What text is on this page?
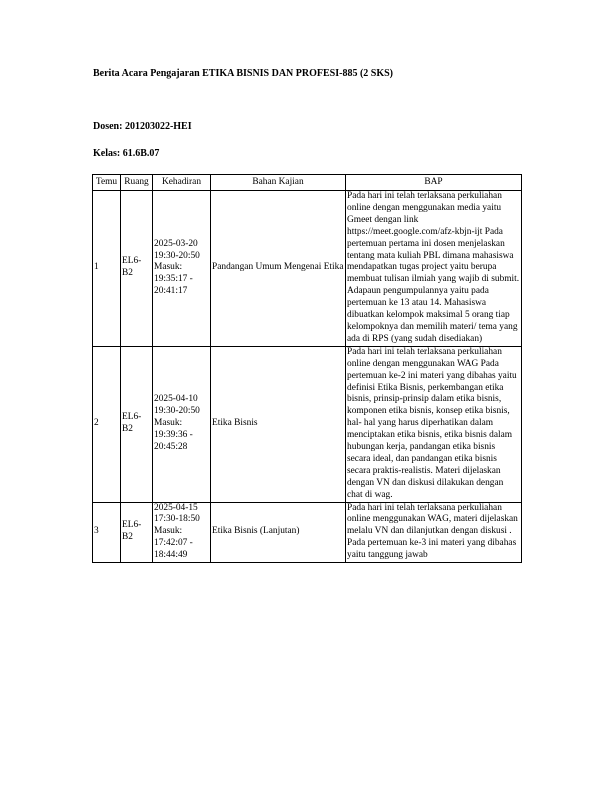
Berita Acara Pengajaran ETIKA BISNIS DAN PROFESI-885 (2 SKS)
Dosen: 201203022-HEI
Kelas: 61.6B.07
Temu	Ruang	Kehadiran	Bahan Kajian	BAP
1	EL6-B2	2025-03-20 19:30-20:50 Masuk: 19:35:17 - 20:41:17	Pandangan Umum Mengenai Etika	Pada hari ini telah terlaksana perkuliahan online dengan menggunakan media yaitu Gmeet dengan link https://meet.google.com/afz-kbjn-ijt Pada pertemuan pertama ini dosen menjelaskan tentang mata kuliah PBL dimana mahasiswa mendapatkan tugas project yaitu berupa membuat tulisan ilmiah yang wajib di submit. Adapaun pengumpulannya yaitu pada pertemuan ke 13 atau 14. Mahasiswa dibuatkan kelompok maksimal 5 orang tiap kelompoknya dan memilih materi/ tema yang ada di RPS (yang sudah disediakan)
2	EL6-B2	2025-04-10 19:30-20:50 Masuk: 19:39:36 - 20:45:28	Etika Bisnis	Pada hari ini telah terlaksana perkuliahan online dengan menggunakan WAG Pada pertemuan ke-2 ini materi yang dibahas yaitu definisi Etika Bisnis, perkembangan etika bisnis, prinsip-prinsip dalam etika bisnis, komponen etika bisnis, konsep etika bisnis, hal- hal yang harus diperhatikan dalam menciptakan etika bisnis, etika bisnis dalam hubungan kerja, pandangan etika bisnis secara ideal, dan pandangan etika bisnis secara praktis-realistis. Materi dijelaskan dengan VN dan diskusi dilakukan dengan chat di wag.
3	EL6-B2	2025-04-15 17:30-18:50 Masuk: 17:42:07 - 18:44:49	Etika Bisnis (Lanjutan)	Pada hari ini telah terlaksana perkuliahan online menggunakan WAG, materi dijelaskan melalu VN dan dilanjutkan dengan diskusi . Pada pertemuan ke-3 ini materi yang dibahas yaitu tanggung jawab
